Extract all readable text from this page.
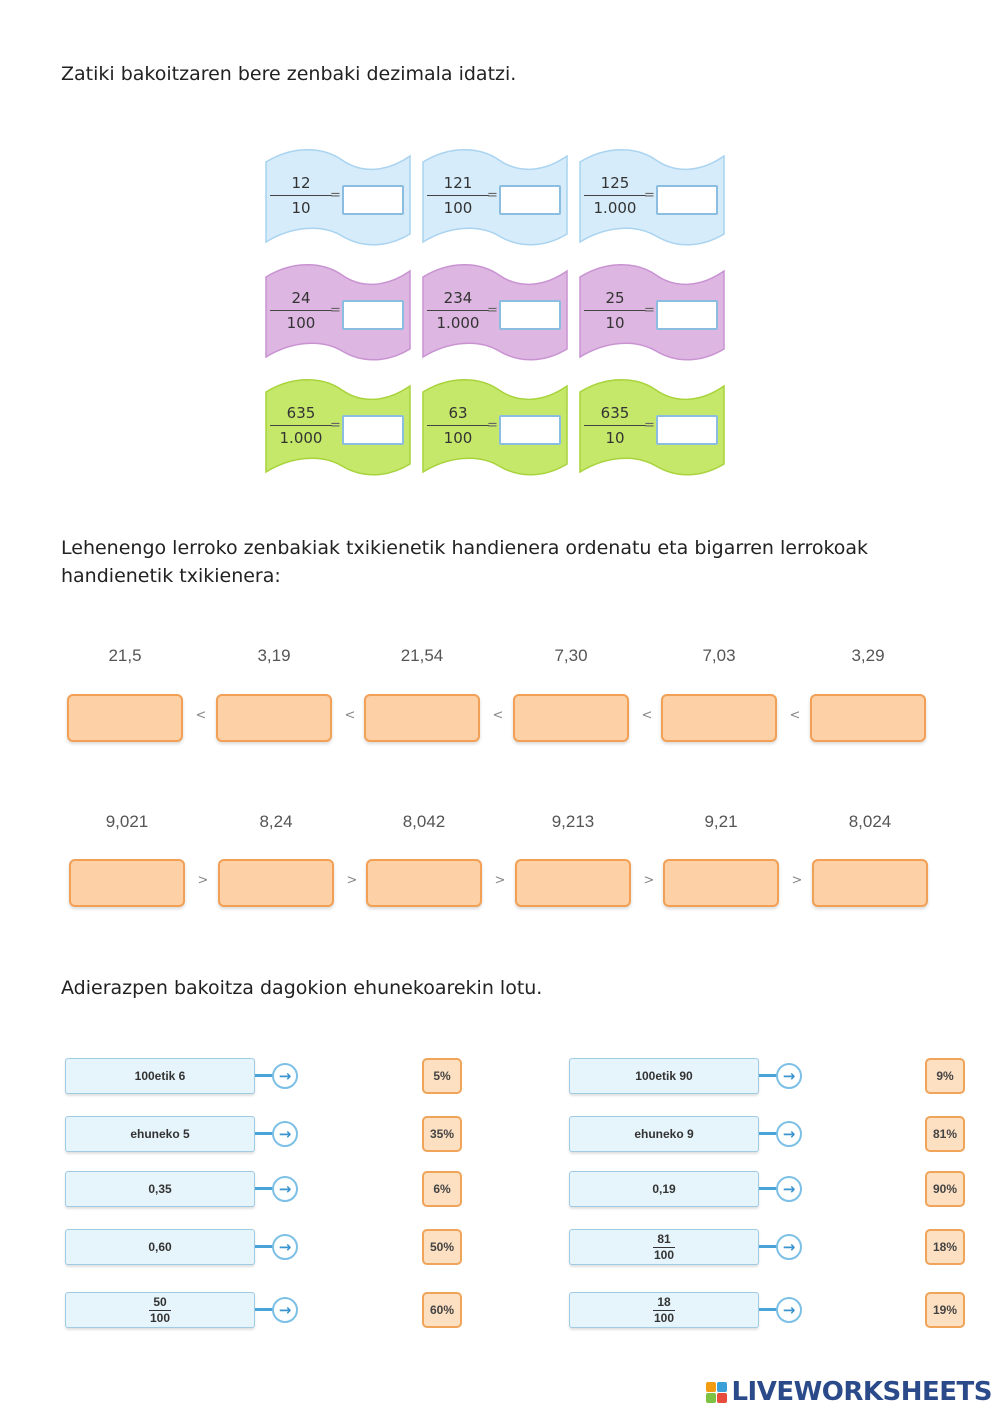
Zatiki bakoitzaren bere zenbaki dezimala idatzi.
$\frac{12}{10}$
=	$\frac{121}{100}$
=	$\frac{125}{1.000}$
=
$\frac{24}{100}$
=	$\frac{234}{1.000}$
=	$\frac{25}{10}$
=
$\frac{635}{1.000}$
=	$\frac{63}{100}$
=	$\frac{635}{10}$
=
Lehenengo lerroko zenbakiak txikienetik handienera ordenatu eta bigarren lerrokoak handienetik txikienera:
21,5
<
3,19
<
21,54
<
7,30
<
7,03
<
3,29
9,021
>
8,24
>
8,042
>
9,213
>
9,21
>
8,024
Adierazpen bakoitza dagokion ehunekoarekin lotu.
100etik 6	→	5%
ehuneko 5	→	35%
0,35	→	6%
0,60	→	50%
$\frac{50}{100}$	→	60%
100etik 90	→	9%
ehuneko 9	→	81%
0,19	→	90%
$\frac{81}{100}$	→	18%
$\frac{18}{100}$	→	19%
LIVEWORKSHEETS
